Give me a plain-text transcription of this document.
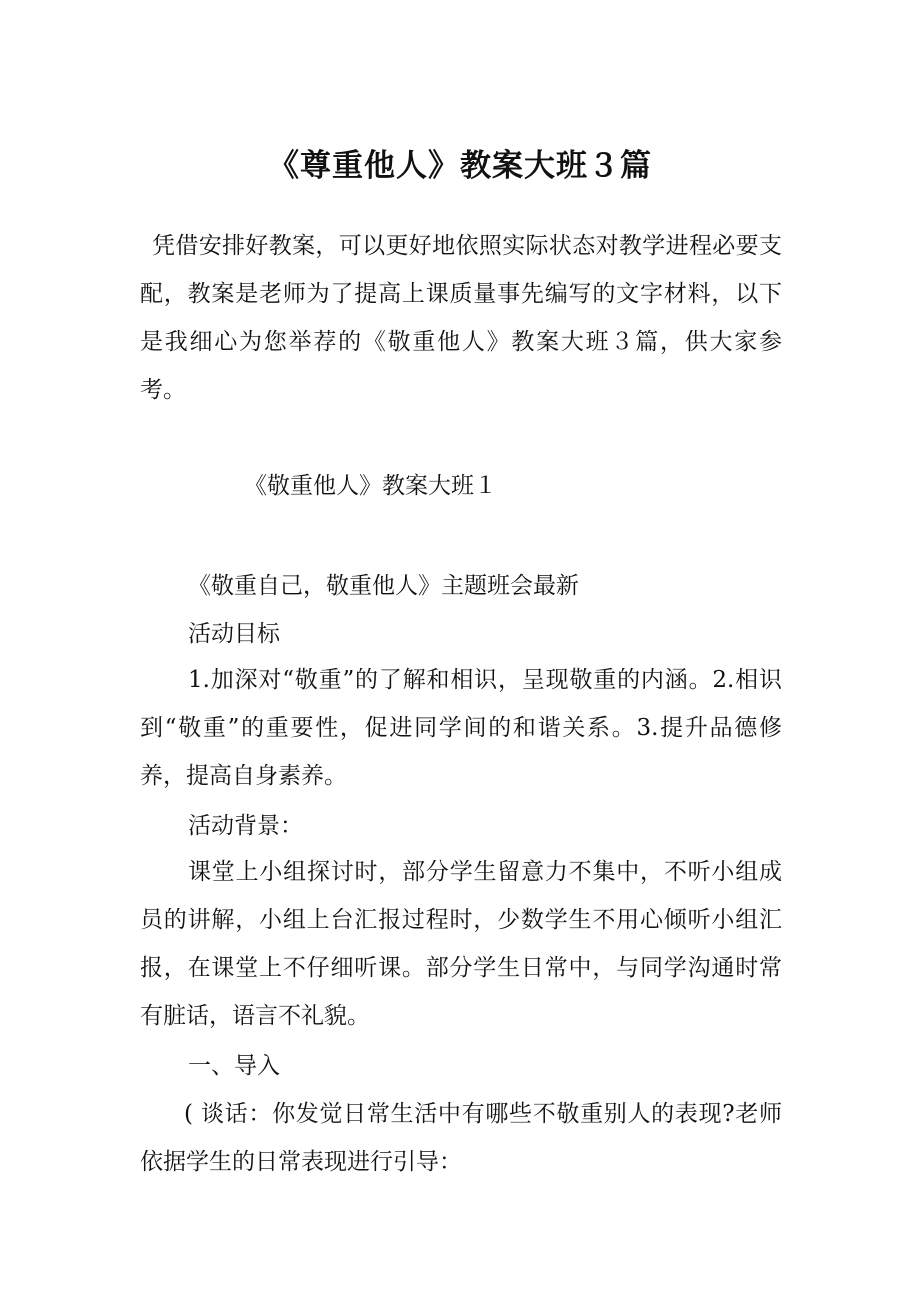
《尊重他人》教案大班３篇

凭借安排好教案，可以更好地依照实际状态对教学进程必要支配，教案是老师为了提高上课质量事先编写的文字材料，以下是我细心为您举荐的《敬重他人》教案大班３篇，供大家参考。

《敬重他人》教案大班１

《敬重自己，敬重他人》主题班会最新

活动目标

1.加深对“敬重”的了解和相识，呈现敬重的内涵。2.相识到“敬重”的重要性，促进同学间的和谐关系。3.提升品德修养，提高自身素养。

活动背景：

课堂上小组探讨时，部分学生留意力不集中，不听小组成员的讲解，小组上台汇报过程时，少数学生不用心倾听小组汇报，在课堂上不仔细听课。部分学生日常中，与同学沟通时常有脏话，语言不礼貌。

一、导入

( 谈话：你发觉日常生活中有哪些不敬重别人的表现?老师依据学生的日常表现进行引导：
